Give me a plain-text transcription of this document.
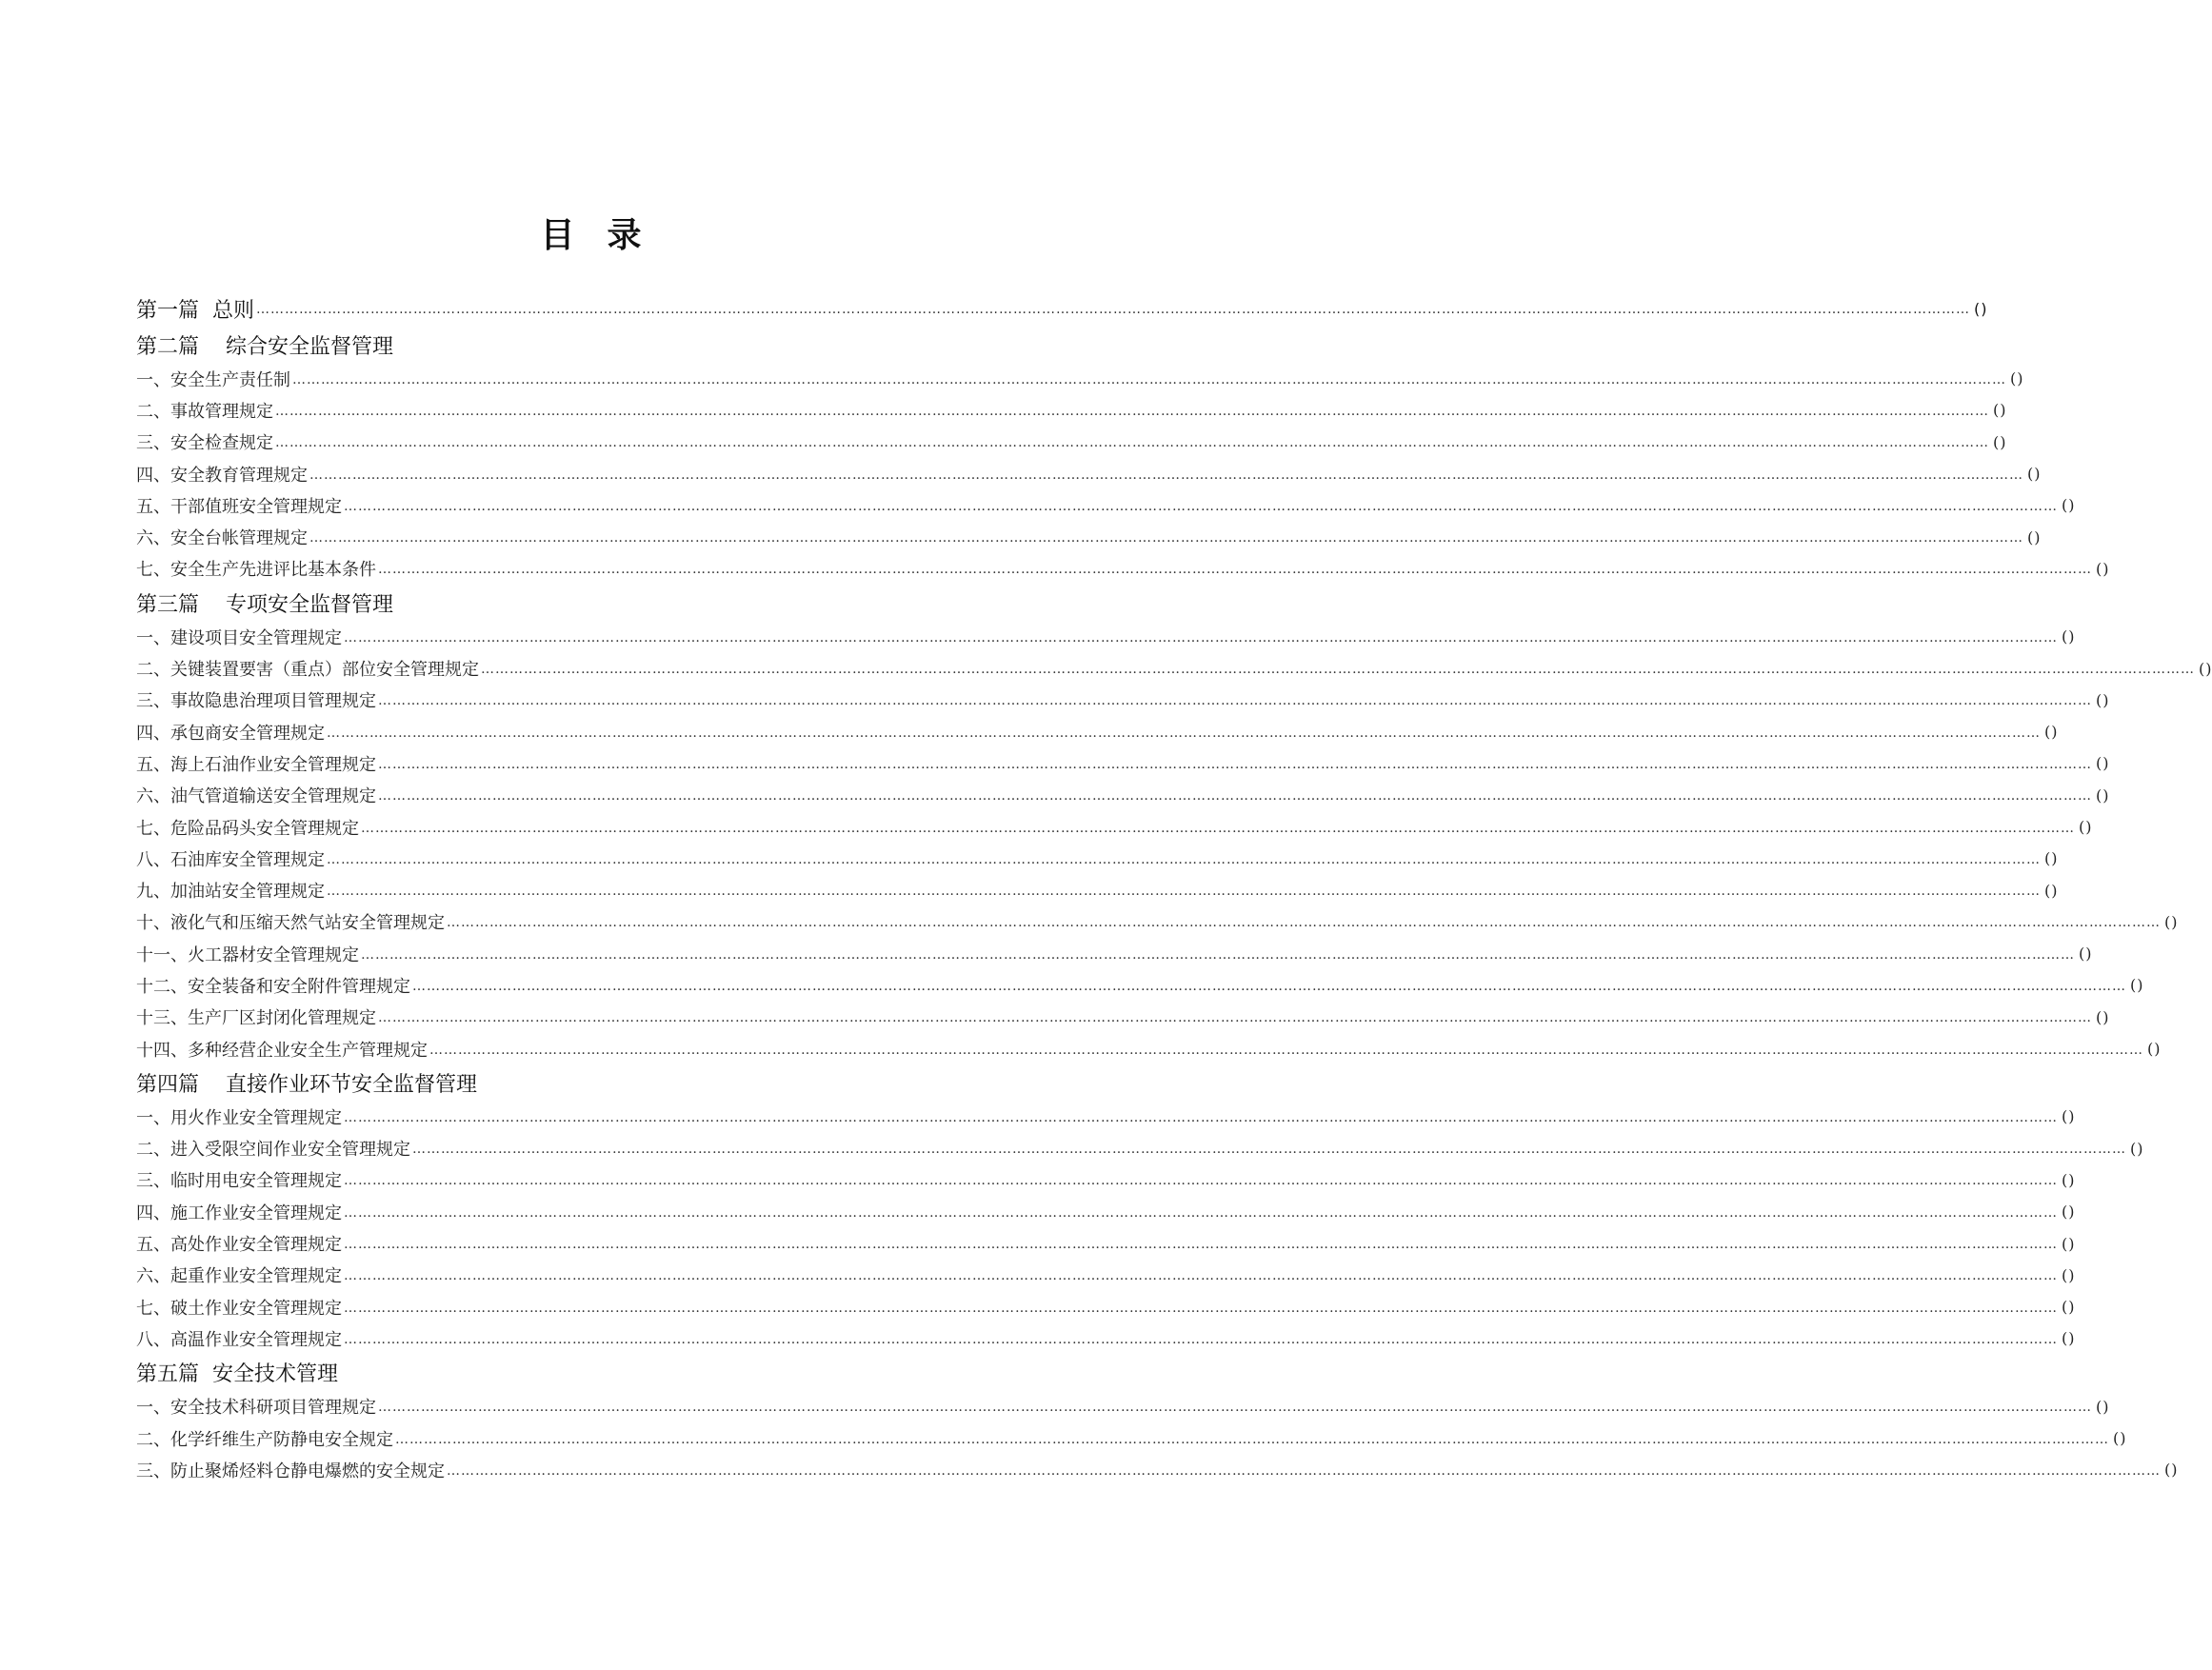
目录
第一篇 总则 ……………………………………………………………………………………………………………………………………………………………………………………………………………………………………………………………………………………………………………………………… ()
第二篇 综合安全监督管理
一、安全生产责任制 ……………………………………………………………………………………………………………………………………………………………………………………………………………………………………………………………………………………………………………………………… ()
二、事故管理规定 ……………………………………………………………………………………………………………………………………………………………………………………………………………………………………………………………………………………………………………………………… ()
三、安全检查规定 ……………………………………………………………………………………………………………………………………………………………………………………………………………………………………………………………………………………………………………………………… ()
四、安全教育管理规定 ……………………………………………………………………………………………………………………………………………………………………………………………………………………………………………………………………………………………………………………………… ()
五、干部值班安全管理规定 ……………………………………………………………………………………………………………………………………………………………………………………………………………………………………………………………………………………………………………………………… ()
六、安全台帐管理规定 ……………………………………………………………………………………………………………………………………………………………………………………………………………………………………………………………………………………………………………………………… ()
七、安全生产先进评比基本条件 ……………………………………………………………………………………………………………………………………………………………………………………………………………………………………………………………………………………………………………………………… ()
第三篇 专项安全监督管理
一、建设项目安全管理规定 ……………………………………………………………………………………………………………………………………………………………………………………………………………………………………………………………………………………………………………………………… ()
二、关键装置要害（重点）部位安全管理规定 ……………………………………………………………………………………………………………………………………………………………………………………………………………………………………………………………………………………………………………………………… ()
三、事故隐患治理项目管理规定 ……………………………………………………………………………………………………………………………………………………………………………………………………………………………………………………………………………………………………………………………… ()
四、承包商安全管理规定 ……………………………………………………………………………………………………………………………………………………………………………………………………………………………………………………………………………………………………………………………… ()
五、海上石油作业安全管理规定 ……………………………………………………………………………………………………………………………………………………………………………………………………………………………………………………………………………………………………………………………… ()
六、油气管道输送安全管理规定 ……………………………………………………………………………………………………………………………………………………………………………………………………………………………………………………………………………………………………………………………… ()
七、危险品码头安全管理规定 ……………………………………………………………………………………………………………………………………………………………………………………………………………………………………………………………………………………………………………………………… ()
八、石油库安全管理规定 ……………………………………………………………………………………………………………………………………………………………………………………………………………………………………………………………………………………………………………………………… ()
九、加油站安全管理规定 ……………………………………………………………………………………………………………………………………………………………………………………………………………………………………………………………………………………………………………………………… ()
十、液化气和压缩天然气站安全管理规定 ……………………………………………………………………………………………………………………………………………………………………………………………………………………………………………………………………………………………………………………………… ()
十一、火工器材安全管理规定 ……………………………………………………………………………………………………………………………………………………………………………………………………………………………………………………………………………………………………………………………… ()
十二、安全装备和安全附件管理规定 ……………………………………………………………………………………………………………………………………………………………………………………………………………………………………………………………………………………………………………………………… ()
十三、生产厂区封闭化管理规定 ……………………………………………………………………………………………………………………………………………………………………………………………………………………………………………………………………………………………………………………………… ()
十四、多种经营企业安全生产管理规定 ……………………………………………………………………………………………………………………………………………………………………………………………………………………………………………………………………………………………………………………………… ()
第四篇 直接作业环节安全监督管理
一、用火作业安全管理规定 ……………………………………………………………………………………………………………………………………………………………………………………………………………………………………………………………………………………………………………………………… ()
二、进入受限空间作业安全管理规定 ……………………………………………………………………………………………………………………………………………………………………………………………………………………………………………………………………………………………………………………………… ()
三、临时用电安全管理规定 ……………………………………………………………………………………………………………………………………………………………………………………………………………………………………………………………………………………………………………………………… ()
四、施工作业安全管理规定 ……………………………………………………………………………………………………………………………………………………………………………………………………………………………………………………………………………………………………………………………… ()
五、高处作业安全管理规定 ……………………………………………………………………………………………………………………………………………………………………………………………………………………………………………………………………………………………………………………………… ()
六、起重作业安全管理规定 ……………………………………………………………………………………………………………………………………………………………………………………………………………………………………………………………………………………………………………………………… ()
七、破土作业安全管理规定 ……………………………………………………………………………………………………………………………………………………………………………………………………………………………………………………………………………………………………………………………… ()
八、高温作业安全管理规定 ……………………………………………………………………………………………………………………………………………………………………………………………………………………………………………………………………………………………………………………………… ()
第五篇 安全技术管理
一、安全技术科研项目管理规定 ……………………………………………………………………………………………………………………………………………………………………………………………………………………………………………………………………………………………………………………………… ()
二、化学纤维生产防静电安全规定 ……………………………………………………………………………………………………………………………………………………………………………………………………………………………………………………………………………………………………………………………… ()
三、防止聚烯烃料仓静电爆燃的安全规定 ……………………………………………………………………………………………………………………………………………………………………………………………………………………………………………………………………………………………………………………………… ()
